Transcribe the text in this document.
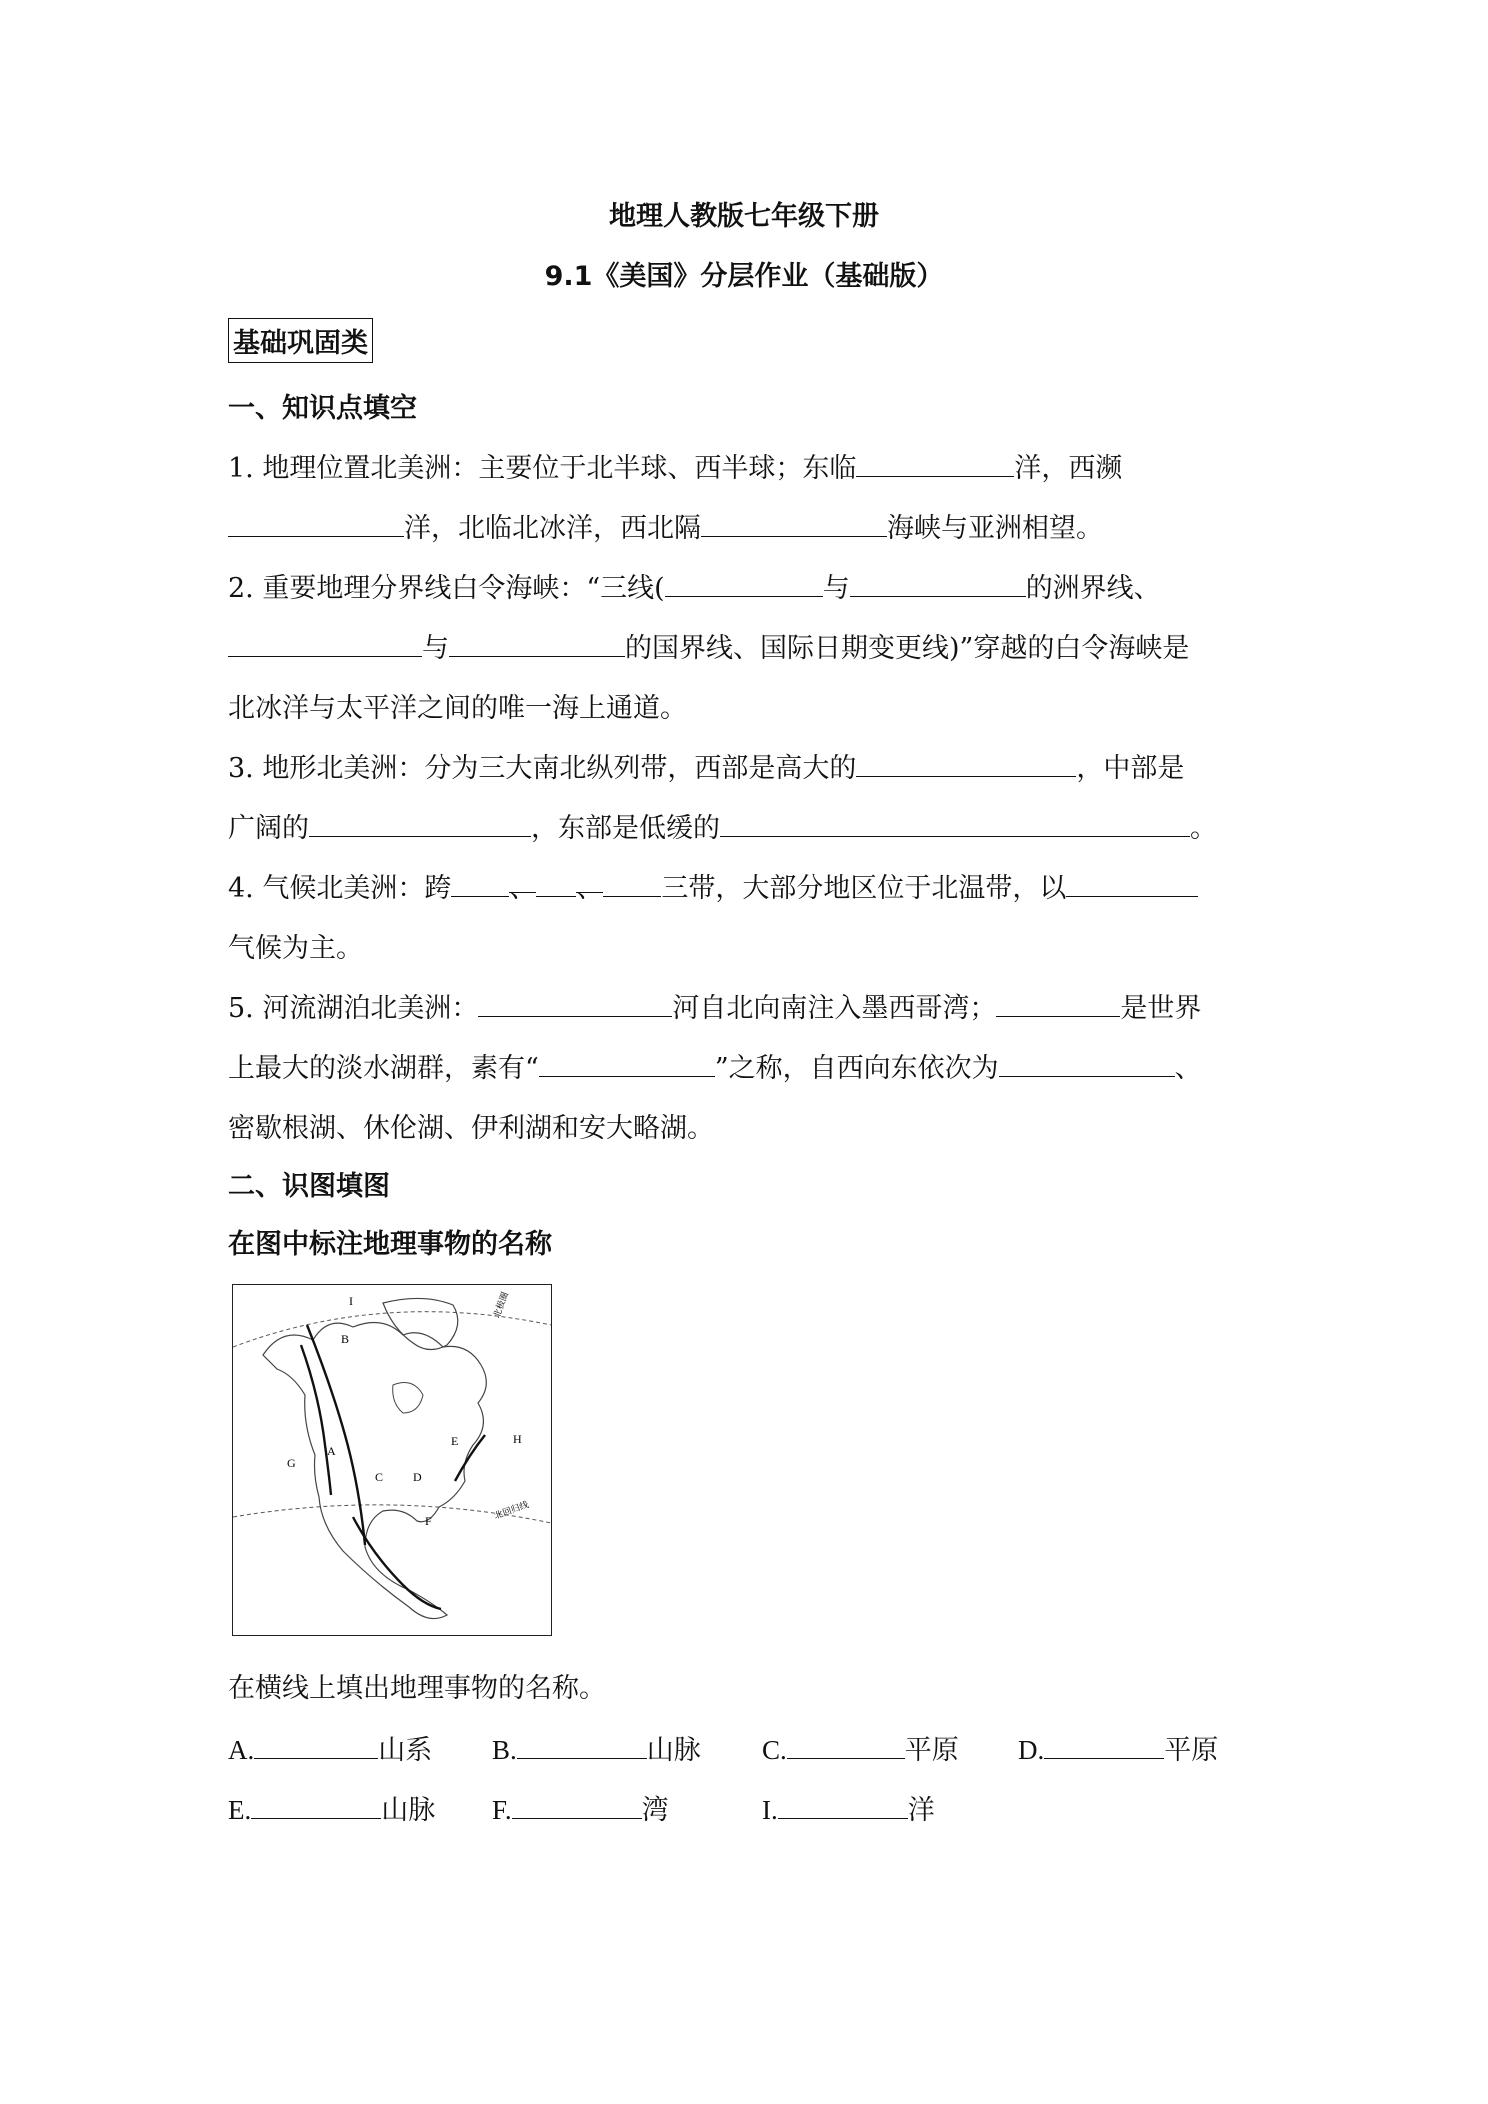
地理人教版七年级下册
9.1《美国》分层作业（基础版）
基础巩固类
一、知识点填空
1. 地理位置北美洲：主要位于北半球、西半球；东临	洋，西濒
洋，北临北冰洋，西北隔	海峡与亚洲相望。
2. 重要地理分界线白令海峡：“三线(	与	的洲界线、
与	的国界线、国际日期变更线)”穿越的白令海峡是
北冰洋与太平洋之间的唯一海上通道。
3. 地形北美洲：分为三大南北纵列带，西部是高大的	，中部是
广阔的	，东部是低缓的	。
4. 气候北美洲：跨 、 、 三带，大部分地区位于北温带，以
气候为主。
5. 河流湖泊北美洲：	河自北向南注入墨西哥湾；	是世界
上最大的淡水湖群，素有“	”之称，自西向东依次为	、
密歇根湖、休伦湖、伊利湖和安大略湖。
二、识图填图
在图中标注地理事物的名称
I
B
A
G
C D
E	H
F
北极圈
北回归线
在横线上填出地理事物的名称。
A.	山系 B.	山脉 C.	平原 D.	平原
E.	山脉 F.	湾	I.	洋
